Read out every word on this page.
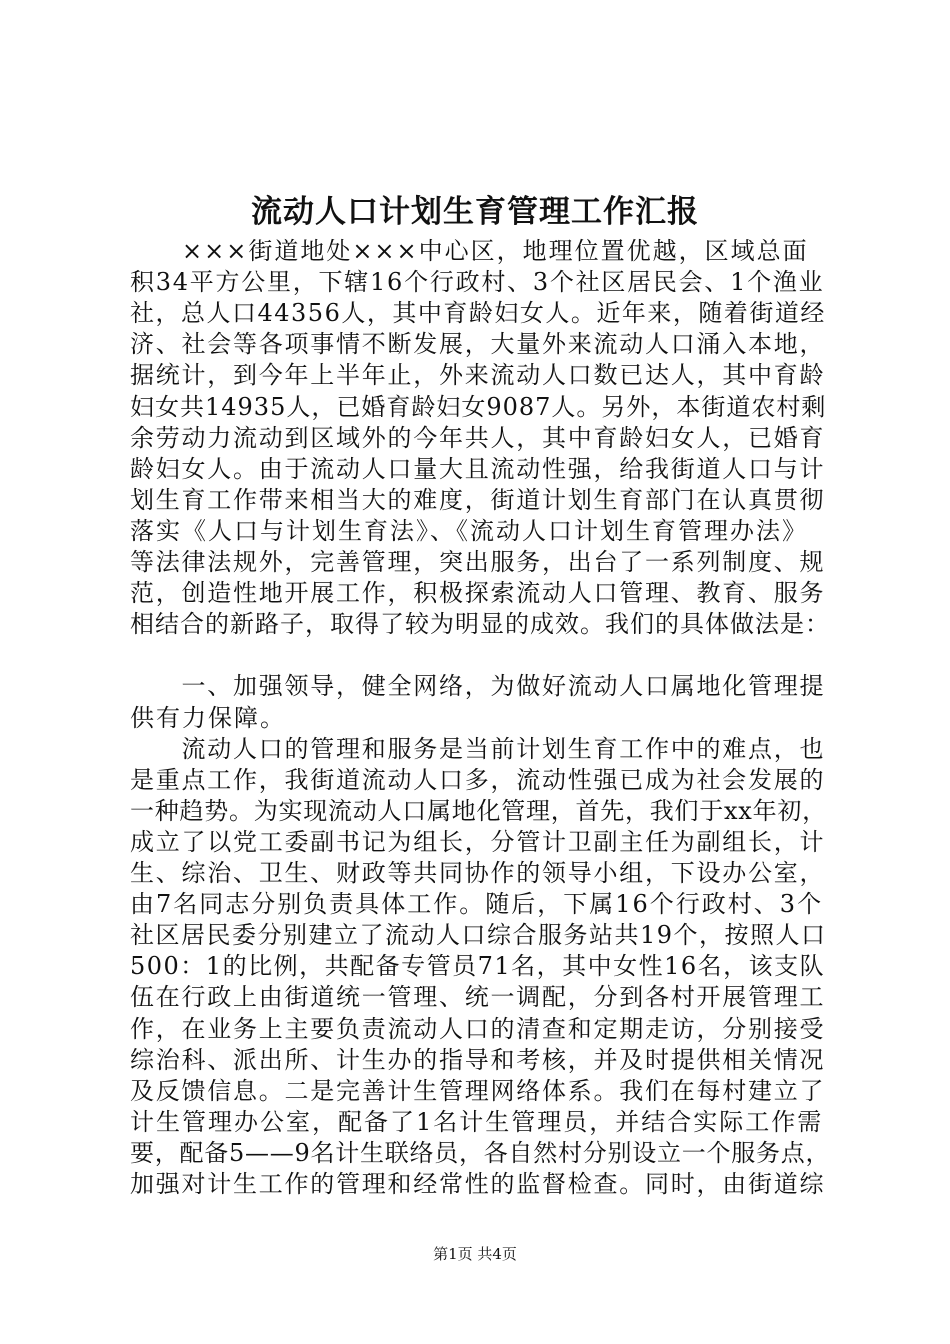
流动人口计划生育管理工作汇报
　　×××街道地处×××中心区，地理位置优越，区域总面
积34平方公里，下辖16个行政村、3个社区居民会、1个渔业
社，总人口44356人，其中育龄妇女人。近年来，随着街道经
济、社会等各项事情不断发展，大量外来流动人口涌入本地，
据统计，到今年上半年止，外来流动人口数已达人，其中育龄
妇女共14935人，已婚育龄妇女9087人。另外，本街道农村剩
余劳动力流动到区域外的今年共人，其中育龄妇女人，已婚育
龄妇女人。由于流动人口量大且流动性强，给我街道人口与计
划生育工作带来相当大的难度，街道计划生育部门在认真贯彻
落实《人口与计划生育法》、《流动人口计划生育管理办法》
等法律法规外，完善管理，突出服务，出台了一系列制度、规
范，创造性地开展工作，积极探索流动人口管理、教育、服务
相结合的新路子，取得了较为明显的成效。我们的具体做法是：
　　一、加强领导，健全网络，为做好流动人口属地化管理提
供有力保障。
　　流动人口的管理和服务是当前计划生育工作中的难点，也
是重点工作，我街道流动人口多，流动性强已成为社会发展的
一种趋势。为实现流动人口属地化管理，首先，我们于xx年初，
成立了以党工委副书记为组长，分管计卫副主任为副组长，计
生、综治、卫生、财政等共同协作的领导小组，下设办公室，
由7名同志分别负责具体工作。随后，下属16个行政村、3个
社区居民委分别建立了流动人口综合服务站共19个，按照人口
500：1的比例，共配备专管员71名，其中女性16名，该支队
伍在行政上由街道统一管理、统一调配，分到各村开展管理工
作，在业务上主要负责流动人口的清查和定期走访，分别接受
综治科、派出所、计生办的指导和考核，并及时提供相关情况
及反馈信息。二是完善计生管理网络体系。我们在每村建立了
计生管理办公室，配备了1名计生管理员，并结合实际工作需
要，配备5——9名计生联络员，各自然村分别设立一个服务点，
加强对计生工作的管理和经常性的监督检查。同时，由街道综
第1页 共4页
